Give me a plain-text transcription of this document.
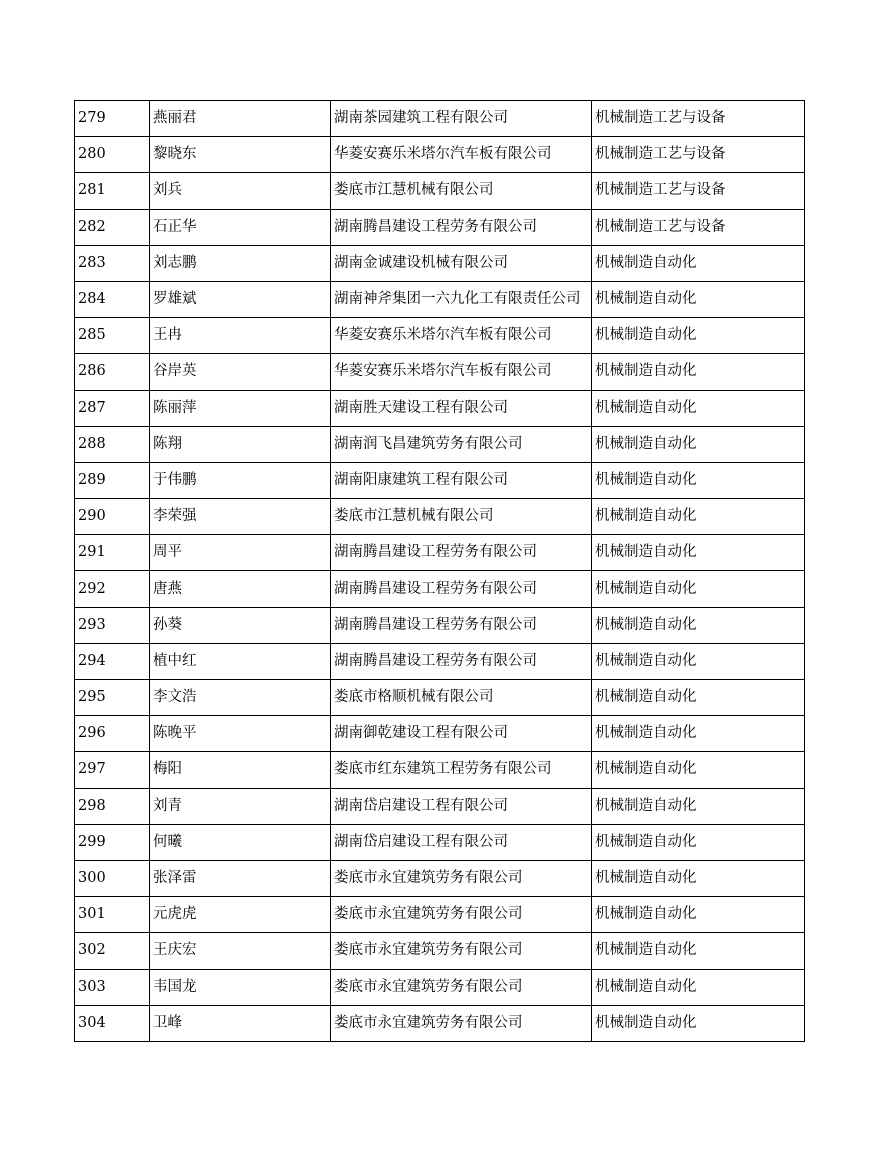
279	燕丽君	湖南茶园建筑工程有限公司	机械制造工艺与设备
280	黎晓东	华菱安赛乐米塔尔汽车板有限公司	机械制造工艺与设备
281	刘兵	娄底市江慧机械有限公司	机械制造工艺与设备
282	石正华	湖南腾昌建设工程劳务有限公司	机械制造工艺与设备
283	刘志鹏	湖南金诚建设机械有限公司	机械制造自动化
284	罗雄斌	湖南神斧集团一六九化工有限责任公司	机械制造自动化
285	王冉	华菱安赛乐米塔尔汽车板有限公司	机械制造自动化
286	谷岸英	华菱安赛乐米塔尔汽车板有限公司	机械制造自动化
287	陈丽萍	湖南胜天建设工程有限公司	机械制造自动化
288	陈翔	湖南润飞昌建筑劳务有限公司	机械制造自动化
289	于伟鹏	湖南阳康建筑工程有限公司	机械制造自动化
290	李荣强	娄底市江慧机械有限公司	机械制造自动化
291	周平	湖南腾昌建设工程劳务有限公司	机械制造自动化
292	唐燕	湖南腾昌建设工程劳务有限公司	机械制造自动化
293	孙葵	湖南腾昌建设工程劳务有限公司	机械制造自动化
294	植中红	湖南腾昌建设工程劳务有限公司	机械制造自动化
295	李文浩	娄底市格顺机械有限公司	机械制造自动化
296	陈晚平	湖南御乾建设工程有限公司	机械制造自动化
297	梅阳	娄底市红东建筑工程劳务有限公司	机械制造自动化
298	刘青	湖南岱启建设工程有限公司	机械制造自动化
299	何曦	湖南岱启建设工程有限公司	机械制造自动化
300	张泽雷	娄底市永宜建筑劳务有限公司	机械制造自动化
301	元虎虎	娄底市永宜建筑劳务有限公司	机械制造自动化
302	王庆宏	娄底市永宜建筑劳务有限公司	机械制造自动化
303	韦国龙	娄底市永宜建筑劳务有限公司	机械制造自动化
304	卫峰	娄底市永宜建筑劳务有限公司	机械制造自动化
